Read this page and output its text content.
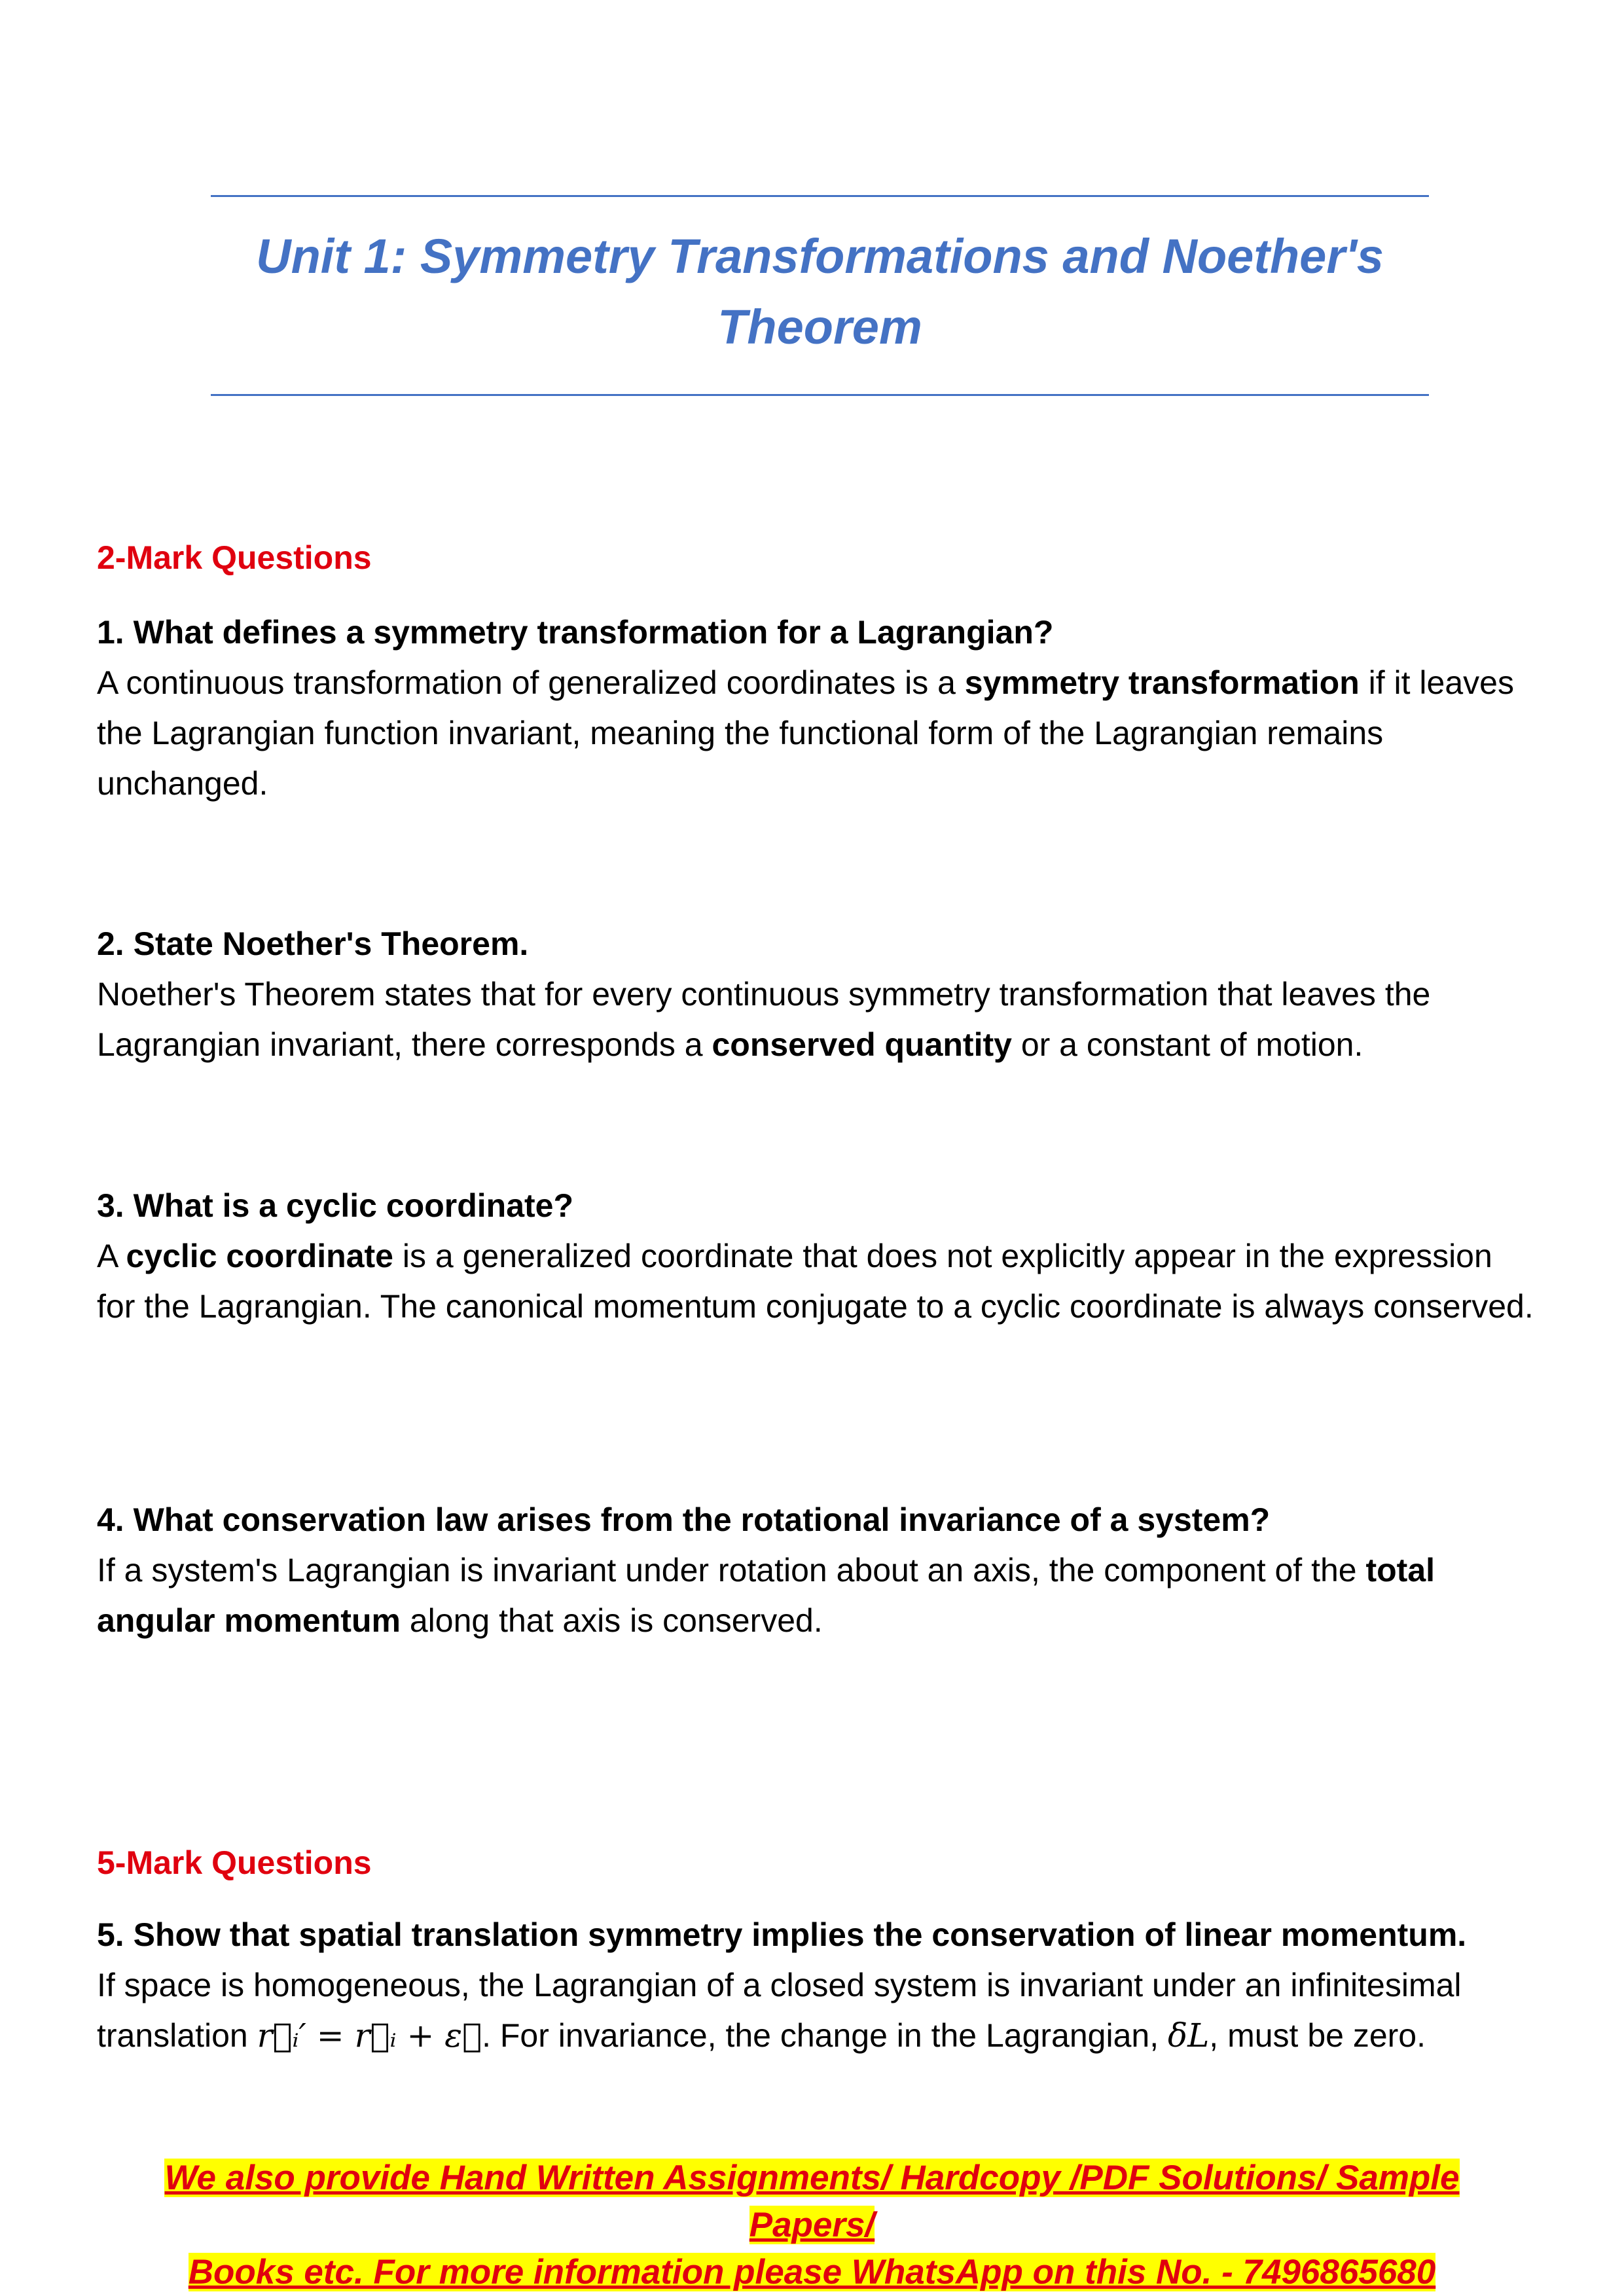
Unit 1: Symmetry Transformations and Noether's
Theorem
2-Mark Questions
1. What defines a symmetry transformation for a Lagrangian?
A continuous transformation of generalized coordinates is a symmetry transformation if it leaves the Lagrangian function invariant, meaning the functional form of the Lagrangian remains unchanged.
2. State Noether's Theorem.
Noether's Theorem states that for every continuous symmetry transformation that leaves the Lagrangian invariant, there corresponds a conserved quantity or a constant of motion.
3. What is a cyclic coordinate?
A cyclic coordinate is a generalized coordinate that does not explicitly appear in the expression for the Lagrangian. The canonical momentum conjugate to a cyclic coordinate is always conserved.
4. What conservation law arises from the rotational invariance of a system?
If a system's Lagrangian is invariant under rotation about an axis, the component of the total angular momentum along that axis is conserved.
5-Mark Questions
5. Show that spatial translation symmetry implies the conservation of linear momentum.
If space is homogeneous, the Lagrangian of a closed system is invariant under an infinitesimal translation r⃗ᵢ′ = r⃗ᵢ + ε⃗. For invariance, the change in the Lagrangian, δL, must be zero.
We also provide Hand Written Assignments/ Hardcopy /PDF Solutions/ Sample Papers/
Books etc. For more information please WhatsApp on this No. - 7496865680
